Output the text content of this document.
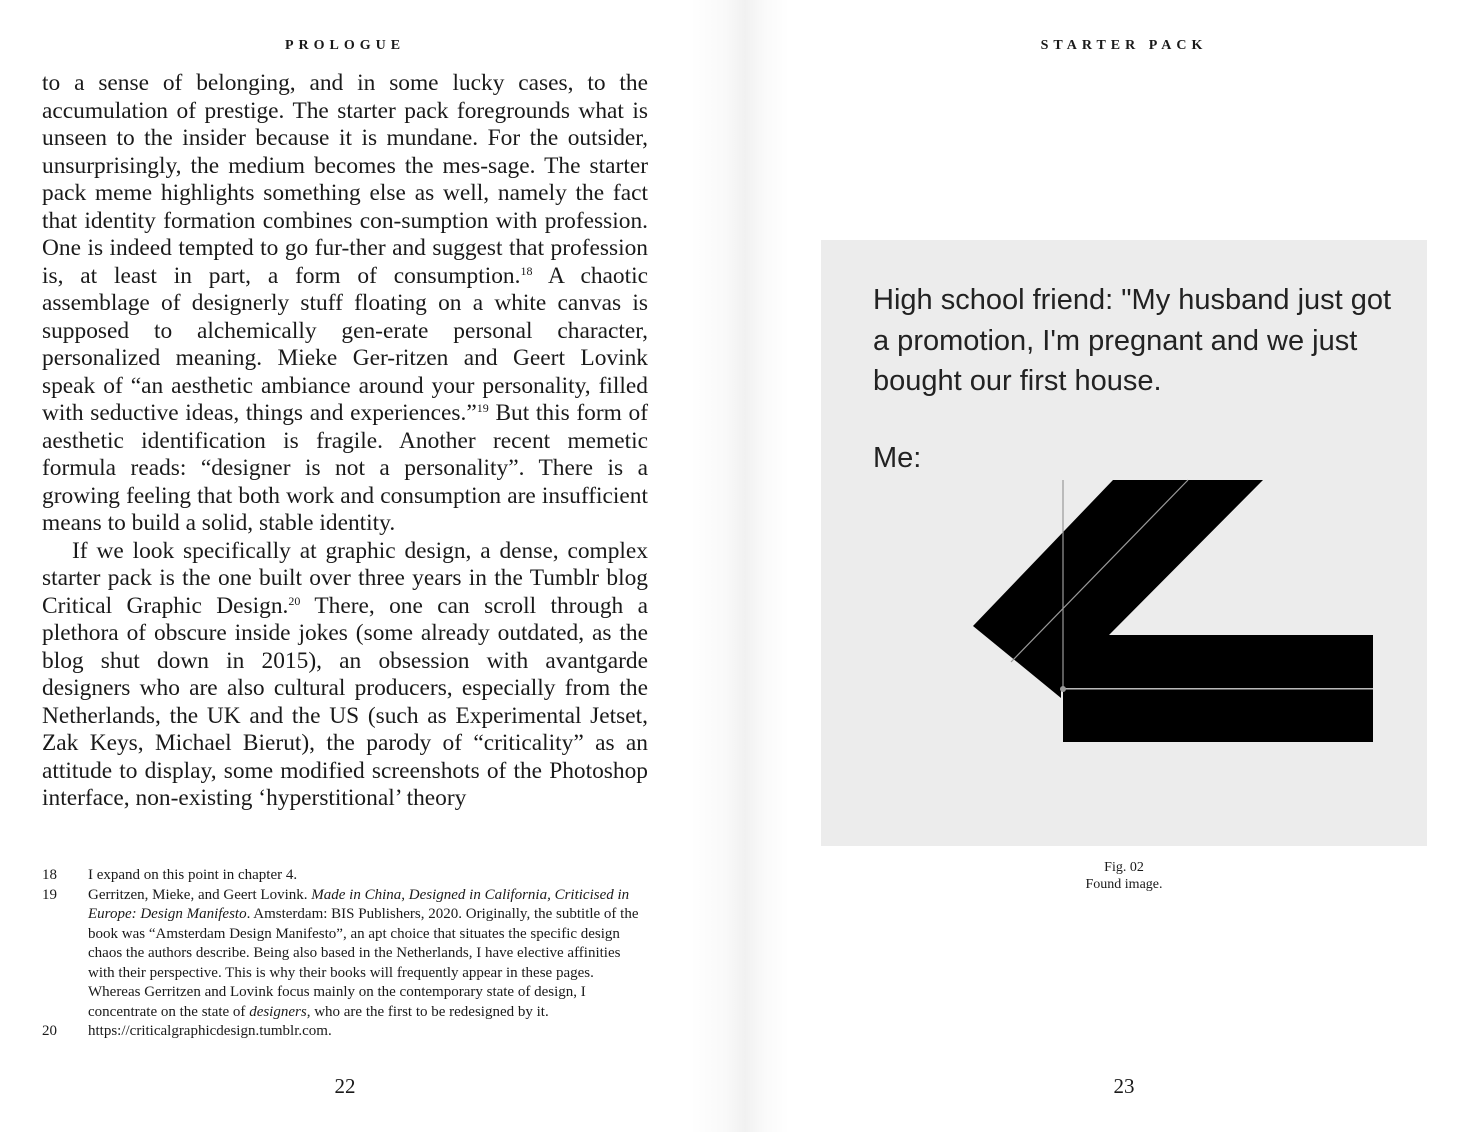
PROLOGUE

to a sense of belonging, and in some lucky cases, to the accumulation of prestige. The starter pack foregrounds what is unseen to the insider because it is mundane. For the outsider, unsurprisingly, the medium becomes the mes-sage. The starter pack meme highlights something else as well, namely the fact that identity formation combines con-sumption with profession. One is indeed tempted to go fur-ther and suggest that profession is, at least in part, a form of consumption.$^{18}$ A chaotic assemblage of designerly stuff floating on a white canvas is supposed to alchemically gen-erate personal character, personalized meaning. Mieke Ger-ritzen and Geert Lovink speak of “an aesthetic ambiance around your personality, filled with seductive ideas, things and experiences.”$^{19}$ But this form of aesthetic identification is fragile. Another recent memetic formula reads: “designer is not a personality”. There is a growing feeling that both work and consumption are insufficient means to build a solid, stable identity.

If we look specifically at graphic design, a dense, complex starter pack is the one built over three years in the Tumblr blog Critical Graphic Design.$^{20}$ There, one can scroll through a plethora of obscure inside jokes (some already outdated, as the blog shut down in 2015), an obsession with avantgarde designers who are also cultural producers, especially from the Netherlands, the UK and the US (such as Experimental Jetset, Zak Keys, Michael Bierut), the parody of “criticality” as an attitude to display, some modified screenshots of the Photoshop interface, non-existing ‘hyperstitional’ theory

18	I expand on this point in chapter 4.
19	Gerritzen, Mieke, and Geert Lovink. Made in China, Designed in California, Criticised in Europe: Design Manifesto. Amsterdam: BIS Publishers, 2020. Originally, the subtitle of the book was “Amsterdam Design Manifesto”, an apt choice that situates the specific design chaos the authors describe. Being also based in the Netherlands, I have elective affinities with their perspective. This is why their books will frequently appear in these pages. Whereas Gerritzen and Lovink focus mainly on the contemporary state of design, I concentrate on the state of designers, who are the first to be redesigned by it.
20	https://criticalgraphicdesign.tumblr.com.
22
STARTER PACK
High school friend: "My husband just got a promotion, I'm pregnant and we just bought our first house.
Me:
Fig. 02
Found image.
23
